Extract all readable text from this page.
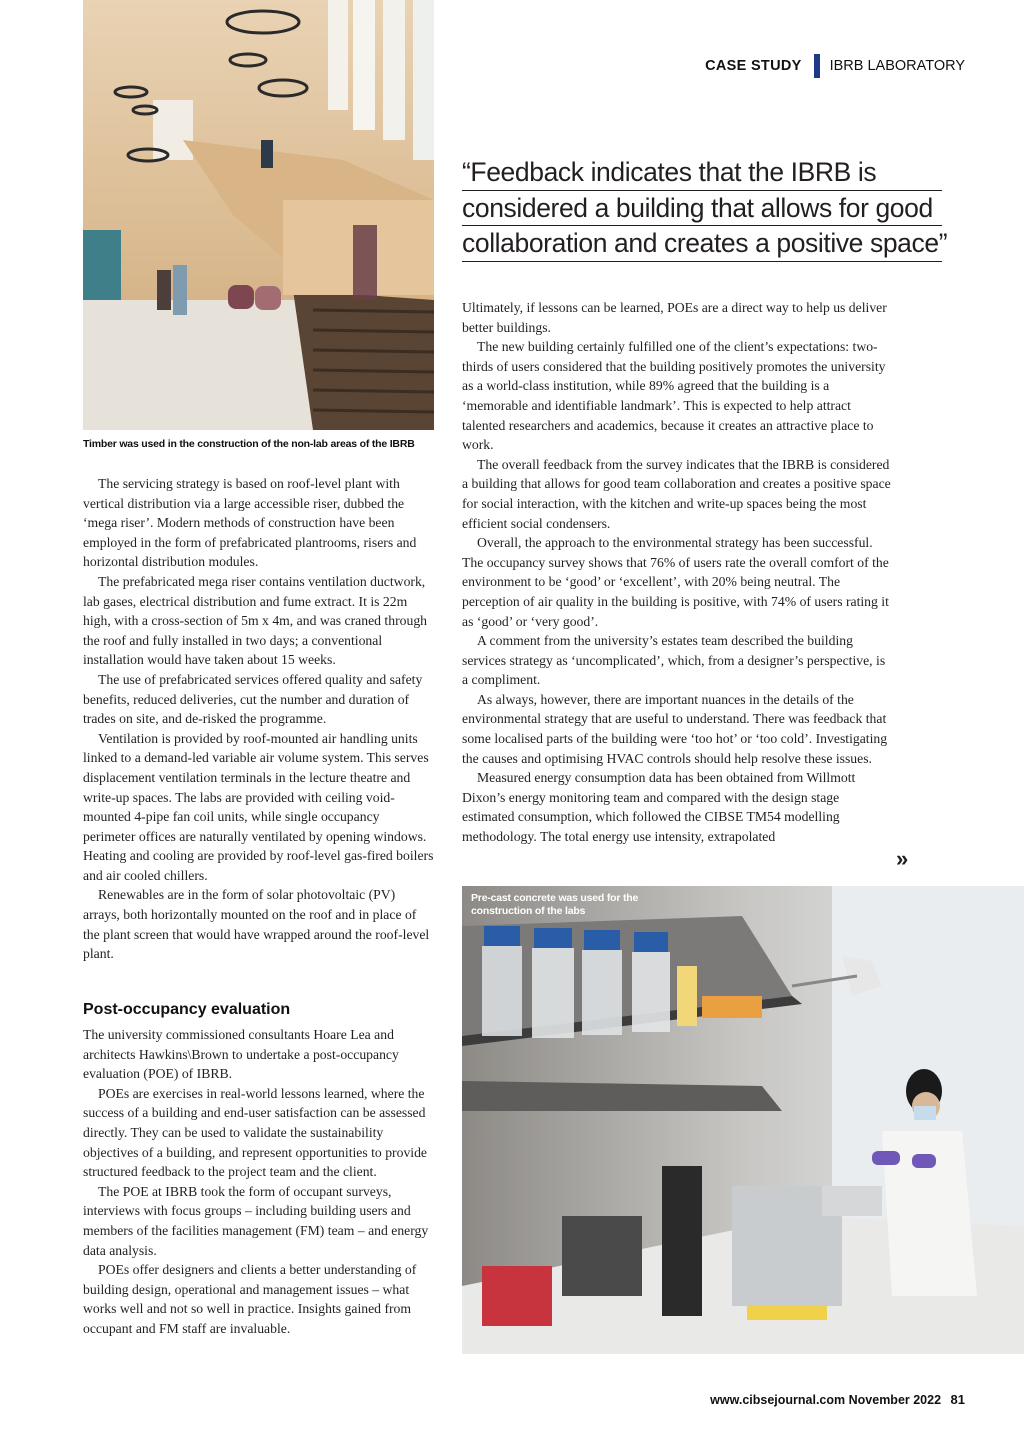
CASE STUDY IBRB LABORATORY
Timber was used in the construction of the non-lab areas of the IBRB
“Feedback indicates that the IBRB is
considered a building that allows for good
collaboration and creates a positive space”

The servicing strategy is based on roof-level plant with vertical distribution via a large accessible riser, dubbed the ‘mega riser’. Modern methods of construction have been employed in the form of prefabricated plantrooms, risers and horizontal distribution modules.

The prefabricated mega riser contains ventilation ductwork, lab gases, electrical distribution and fume extract. It is 22m high, with a cross-section of 5m x 4m, and was craned through the roof and fully installed in two days; a conventional installation would have taken about 15 weeks.

The use of prefabricated services offered quality and safety benefits, reduced deliveries, cut the number and duration of trades on site, and de-risked the programme.

Ventilation is provided by roof-mounted air handling units linked to a demand-led variable air volume system. This serves displacement ventilation terminals in the lecture theatre and write-up spaces. The labs are provided with ceiling void-mounted 4-pipe fan coil units, while single occupancy perimeter offices are naturally ventilated by opening windows. Heating and cooling are provided by roof-level gas-fired boilers and air cooled chillers.

Renewables are in the form of solar photovoltaic (PV) arrays, both horizontally mounted on the roof and in place of the plant screen that would have wrapped around the roof-level plant.

Post-occupancy evaluation

The university commissioned consultants Hoare Lea and architects Hawkins\Brown to undertake a post-occupancy evaluation (POE) of IBRB.

POEs are exercises in real-world lessons learned, where the success of a building and end-user satisfaction can be assessed directly. They can be used to validate the sustainability objectives of a building, and represent opportunities to provide structured feedback to the project team and the client.

The POE at IBRB took the form of occupant surveys, interviews with focus groups – including building users and members of the facilities management (FM) team – and energy data analysis.

POEs offer designers and clients a better understanding of building design, operational and management issues – what works well and not so well in practice. Insights gained from occupant and FM staff are invaluable.

Ultimately, if lessons can be learned, POEs are a direct way to help us deliver better buildings.

The new building certainly fulfilled one of the client’s expectations: two-thirds of users considered that the building positively promotes the university as a world-class institution, while 89% agreed that the building is a ‘memorable and identifiable landmark’. This is expected to help attract talented researchers and academics, because it creates an attractive place to work.

The overall feedback from the survey indicates that the IBRB is considered a building that allows for good team collaboration and creates a positive space for social interaction, with the kitchen and write-up spaces being the most efficient social condensers.

Overall, the approach to the environmental strategy has been successful. The occupancy survey shows that 76% of users rate the overall comfort of the environment to be ‘good’ or ‘excellent’, with 20% being neutral. The perception of air quality in the building is positive, with 74% of users rating it as ‘good’ or ‘very good’.

A comment from the university’s estates team described the building services strategy as ‘uncomplicated’, which, from a designer’s perspective, is a compliment.

As always, however, there are important nuances in the details of the environmental strategy that are useful to understand. There was feedback that some localised parts of the building were ‘too hot’ or ‘too cold’. Investigating the causes and optimising HVAC controls should help resolve these issues.

Measured energy consumption data has been obtained from Willmott Dixon’s energy monitoring team and compared with the design stage estimated consumption, which followed the CIBSE TM54 modelling methodology. The total energy use intensity, extrapolated

»
Pre-cast concrete was used for the construction of the labs
www.cibsejournal.com November 2022 81
